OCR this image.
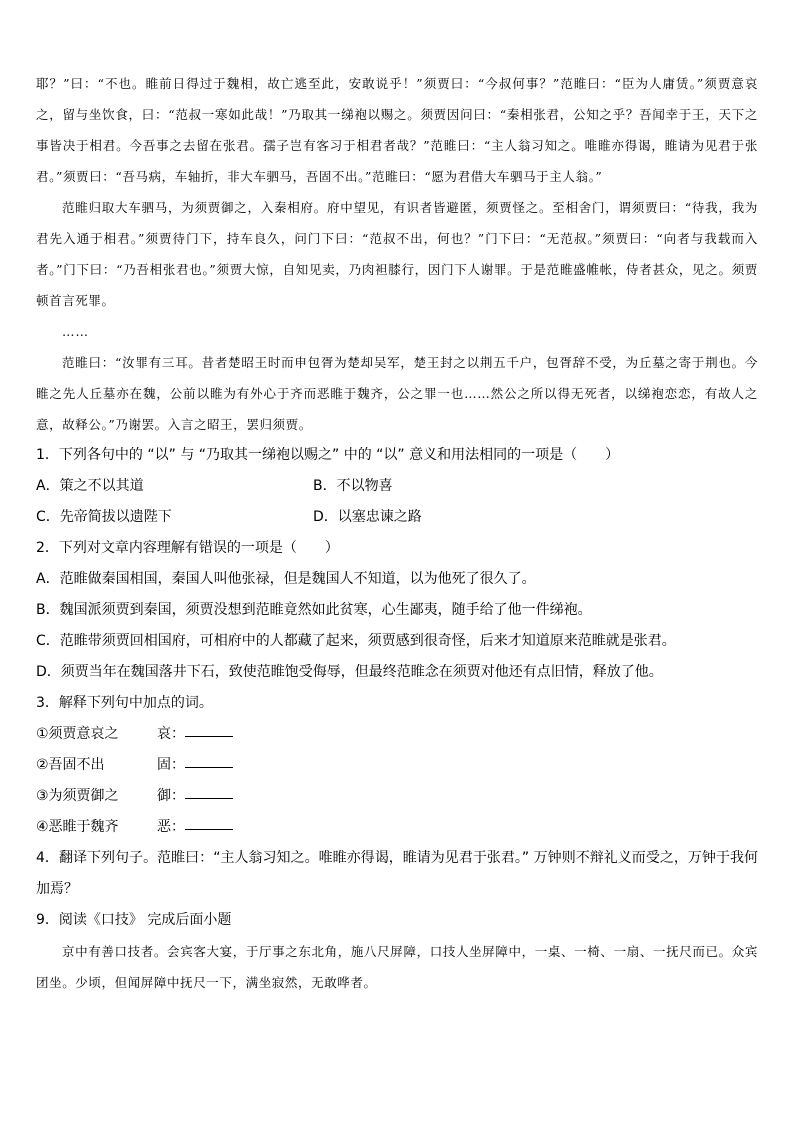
耶？”曰：“不也。睢前日得过于魏相，故亡逃至此，安敢说乎！”须贾曰：“今叔何事？”范睢曰：“臣为人庸赁。”须贾意哀之，留与坐饮食，曰：“范叔一寒如此哉！”乃取其一绨袍以赐之。须贾因问曰：“秦相张君，公知之乎？吾闻幸于王，天下之事皆决于相君。今吾事之去留在张君。孺子岂有客习于相君者哉？”范睢曰：“主人翁习知之。唯睢亦得谒，睢请为见君于张君。”须贾曰：“吾马病，车轴折，非大车驷马，吾固不出。”范睢曰：“愿为君借大车驷马于主人翁。”

范睢归取大车驷马，为须贾御之，入秦相府。府中望见，有识者皆避匿，须贾怪之。至相舍门，谓须贾曰：“待我，我为君先入通于相君。”须贾待门下，持车良久，问门下曰：“范叔不出，何也？”门下曰：“无范叔。”须贾曰：“向者与我载而入者。”门下曰：“乃吾相张君也。”须贾大惊，自知见卖，乃肉袒膝行，因门下人谢罪。于是范睢盛帷帐，侍者甚众，见之。须贾顿首言死罪。

……

范睢曰：“汝罪有三耳。昔者楚昭王时而申包胥为楚却吴军，楚王封之以荆五千户，包胥辞不受，为丘墓之寄于荆也。今睢之先人丘墓亦在魏，公前以睢为有外心于齐而恶睢于魏齐，公之罪一也……然公之所以得无死者，以绨袍恋恋，有故人之意，故释公。”乃谢罢。入言之昭王，罢归须贾。

1．下列各句中的 “以” 与 “乃取其一绨袍以赐之” 中的 “以” 意义和用法相同的一项是（　　）

A．策之不以其道	B．不以物喜
C．先帝简拔以遗陛下	D．以塞忠谏之路

2．下列对文章内容理解有错误的一项是（　　）

A．范睢做秦国相国，秦国人叫他张禄，但是魏国人不知道，以为他死了很久了。

B．魏国派须贾到秦国，须贾没想到范睢竟然如此贫寒，心生鄙夷，随手给了他一件绨袍。

C．范睢带须贾回相国府，可相府中的人都藏了起来，须贾感到很奇怪，后来才知道原来范睢就是张君。

D．须贾当年在魏国落井下石，致使范睢饱受侮辱，但最终范睢念在须贾对他还有点旧情，释放了他。

3．解释下列句中加点的词。

①须贾意哀之	哀：
②吾固不出	固：
③为须贾御之	御：
④恶睢于魏齐	恶：

4．翻译下列句子。范睢曰：“主人翁习知之。唯睢亦得谒，睢请为见君于张君。” 万钟则不辩礼义而受之，万钟于我何加焉？

9．阅读《口技》 完成后面小题

京中有善口技者。会宾客大宴，于厅事之东北角，施八尺屏障，口技人坐屏障中，一桌、一椅、一扇、一抚尺而已。众宾团坐。少顷，但闻屏障中抚尺一下，满坐寂然，无敢哗者。
